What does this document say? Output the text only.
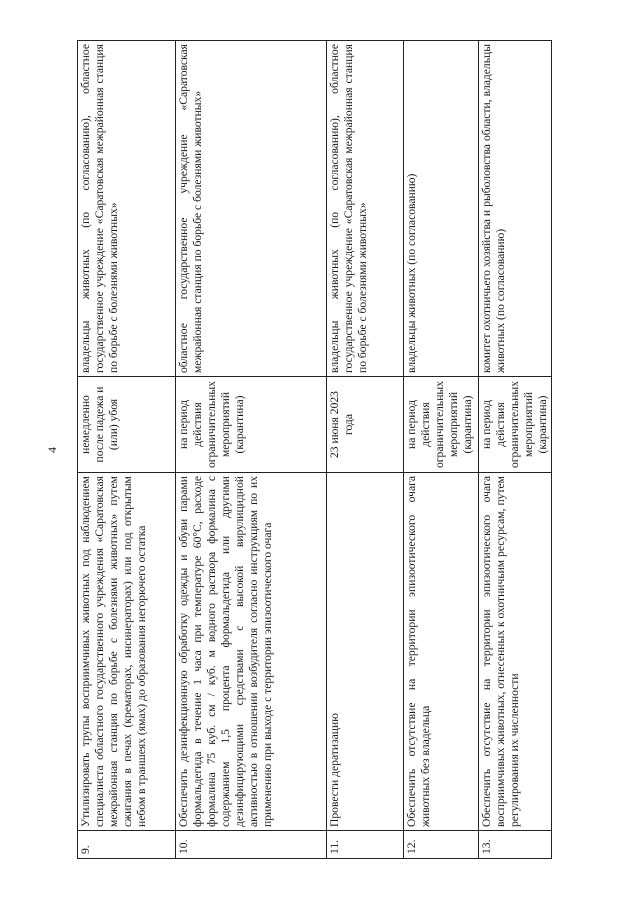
4
9.	Утилизировать трупы восприимчивых животных под наблюдением специалиста областного государственного учреждения «Саратовская межрайонная станция по борьбе с болезнями животных» путем сжигания в печах (крематорах, инсинераторах) или под открытым небом в траншеях (ямах) до образования негорючего остатка	немедленно после падежа и (или) убоя	владельцы животных (по согласованию), областное государственное учреждение «Саратовская межрайонная станция по борьбе с болезнями животных»
10.	Обеспечить дезинфекционную обработку одежды и обуви парами формальдегида в течение 1 часа при температуре 60°С, расходе формалина 75 куб. см / куб. м водного раствора формалина с содержанием 1,5 процента формальдегида или другими дезинфицирующими средствами с высокой вирулицидной активностью в отношении возбудителя согласно инструкциям по их применению при выходе с территории эпизоотического очага	на период действия ограничительных мероприятий (карантина)	областное государственное учреждение «Саратовская межрайонная станция по борьбе с болезнями животных»
11.	Провести дератизацию	23 июня 2023 года	владельцы животных (по согласованию), областное государственное учреждение «Саратовская межрайонная станция по борьбе с болезнями животных»
12.	Обеспечить отсутствие на территории эпизоотического очага животных без владельца	на период действия ограничительных мероприятий (карантина)	владельцы животных (по согласованию)
13.	Обеспечить отсутствие на территории эпизоотического очага восприимчивых животных, отнесенных к охотничьим ресурсам, путем регулирования их численности	на период действия ограничительных мероприятий (карантина)	комитет охотничьего хозяйства и рыболовства области, владельцы животных (по согласованию)
